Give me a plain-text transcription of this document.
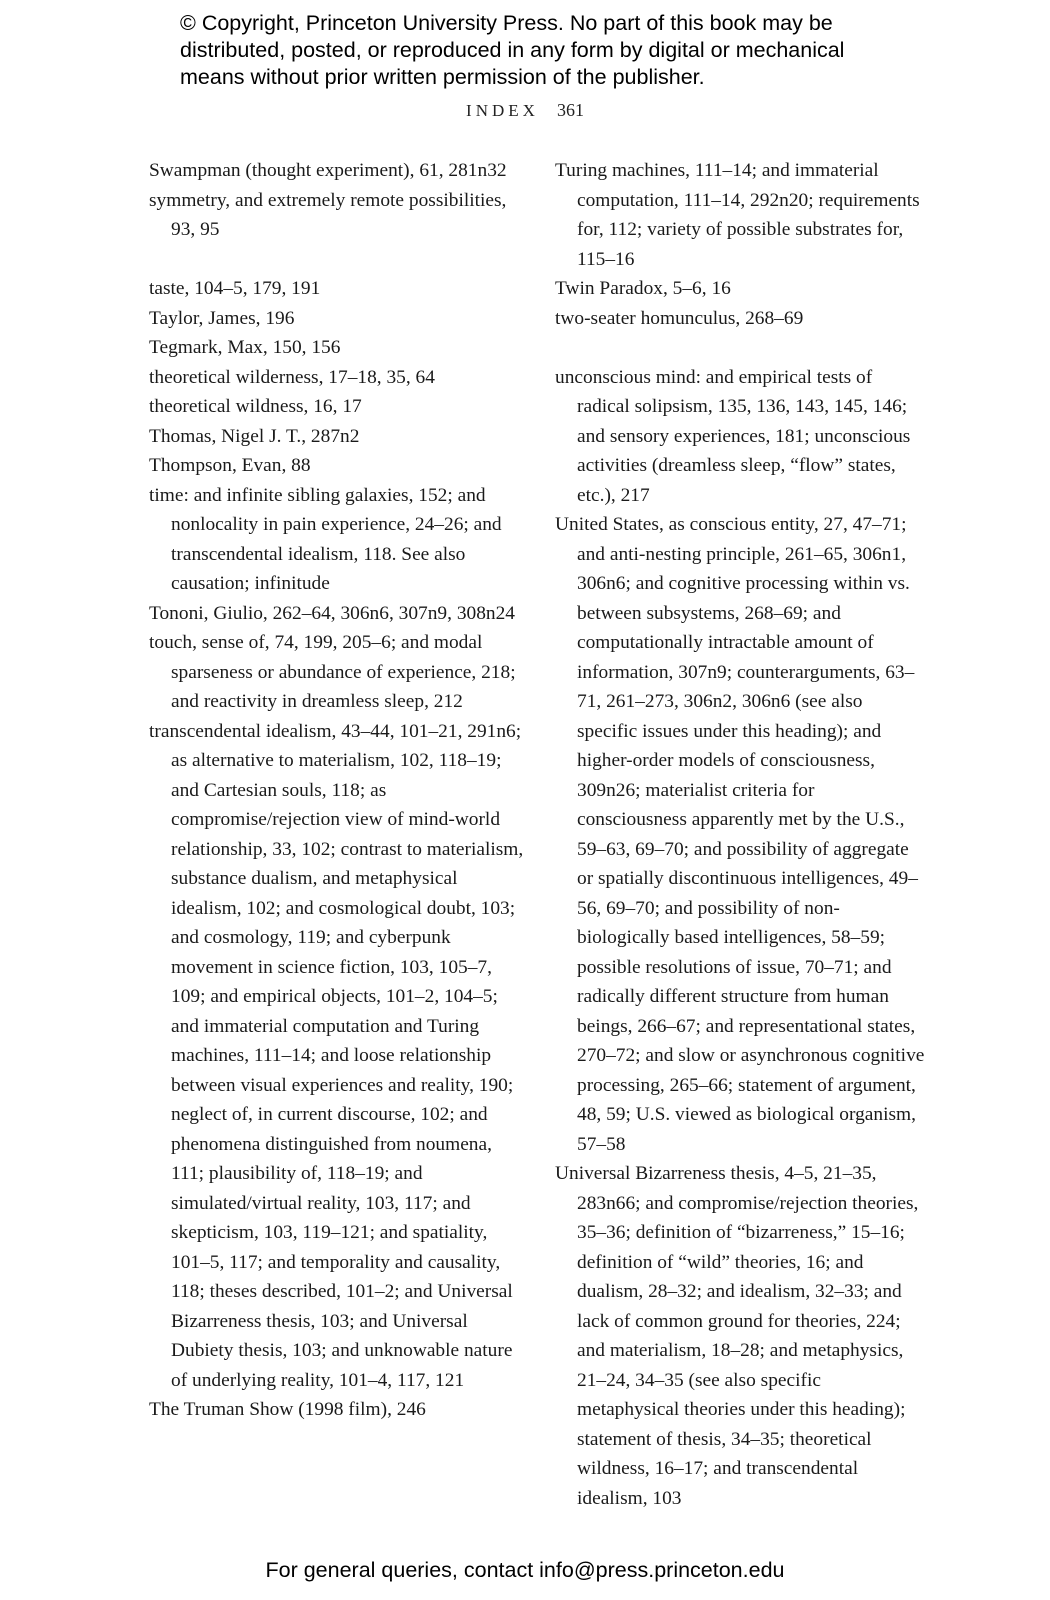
© Copyright, Princeton University Press. No part of this book may be distributed, posted, or reproduced in any form by digital or mechanical means without prior written permission of the publisher.
INDEX 361

Swampman (thought experiment), 61, 281n32

symmetry, and extremely remote possibilities, 93, 95

taste, 104–5, 179, 191

Taylor, James, 196

Tegmark, Max, 150, 156

theoretical wilderness, 17–18, 35, 64

theoretical wildness, 16, 17

Thomas, Nigel J. T., 287n2

Thompson, Evan, 88

time: and infinite sibling galaxies, 152; and nonlocality in pain experience, 24–26; and transcendental idealism, 118. See also causation; infinitude

Tononi, Giulio, 262–64, 306n6, 307n9, 308n24

touch, sense of, 74, 199, 205–6; and modal sparseness or abundance of experience, 218; and reactivity in dreamless sleep, 212

transcendental idealism, 43–44, 101–21, 291n6; as alternative to materialism, 102, 118–19; and Cartesian souls, 118; as compromise/rejection view of mind-world relationship, 33, 102; contrast to materialism, substance dualism, and metaphysical idealism, 102; and cosmological doubt, 103; and cosmology, 119; and cyberpunk movement in science fiction, 103, 105–7, 109; and empirical objects, 101–2, 104–5; and immaterial computation and Turing machines, 111–14; and loose relationship between visual experiences and reality, 190; neglect of, in current discourse, 102; and phenomena distinguished from noumena, 111; plausibility of, 118–19; and simulated/virtual reality, 103, 117; and skepticism, 103, 119–121; and spatiality, 101–5, 117; and temporality and causality, 118; theses described, 101–2; and Universal Bizarreness thesis, 103; and Universal Dubiety thesis, 103; and unknowable nature of underlying reality, 101–4, 117, 121

The Truman Show (1998 film), 246

Turing machines, 111–14; and immaterial computation, 111–14, 292n20; requirements for, 112; variety of possible substrates for, 115–16

Twin Paradox, 5–6, 16

two-seater homunculus, 268–69

unconscious mind: and empirical tests of radical solipsism, 135, 136, 143, 145, 146; and sensory experiences, 181; unconscious activities (dreamless sleep, “flow” states, etc.), 217

United States, as conscious entity, 27, 47–71; and anti-nesting principle, 261–65, 306n1, 306n6; and cognitive processing within vs. between subsystems, 268–69; and computationally intractable amount of information, 307n9; counterarguments, 63–71, 261–273, 306n2, 306n6 (see also specific issues under this heading); and higher-order models of consciousness, 309n26; materialist criteria for consciousness apparently met by the U.S., 59–63, 69–70; and possibility of aggregate or spatially discontinuous intelligences, 49–56, 69–70; and possibility of non-biologically based intelligences, 58–59; possible resolutions of issue, 70–71; and radically different structure from human beings, 266–67; and representational states, 270–72; and slow or asynchronous cognitive processing, 265–66; statement of argument, 48, 59; U.S. viewed as biological organism, 57–58

Universal Bizarreness thesis, 4–5, 21–35, 283n66; and compromise/rejection theories, 35–36; definition of “bizarreness,” 15–16; definition of “wild” theories, 16; and dualism, 28–32; and idealism, 32–33; and lack of common ground for theories, 224; and materialism, 18–28; and metaphysics, 21–24, 34–35 (see also specific metaphysical theories under this heading); statement of thesis, 34–35; theoretical wildness, 16–17; and transcendental idealism, 103

For general queries, contact info@press.princeton.edu
